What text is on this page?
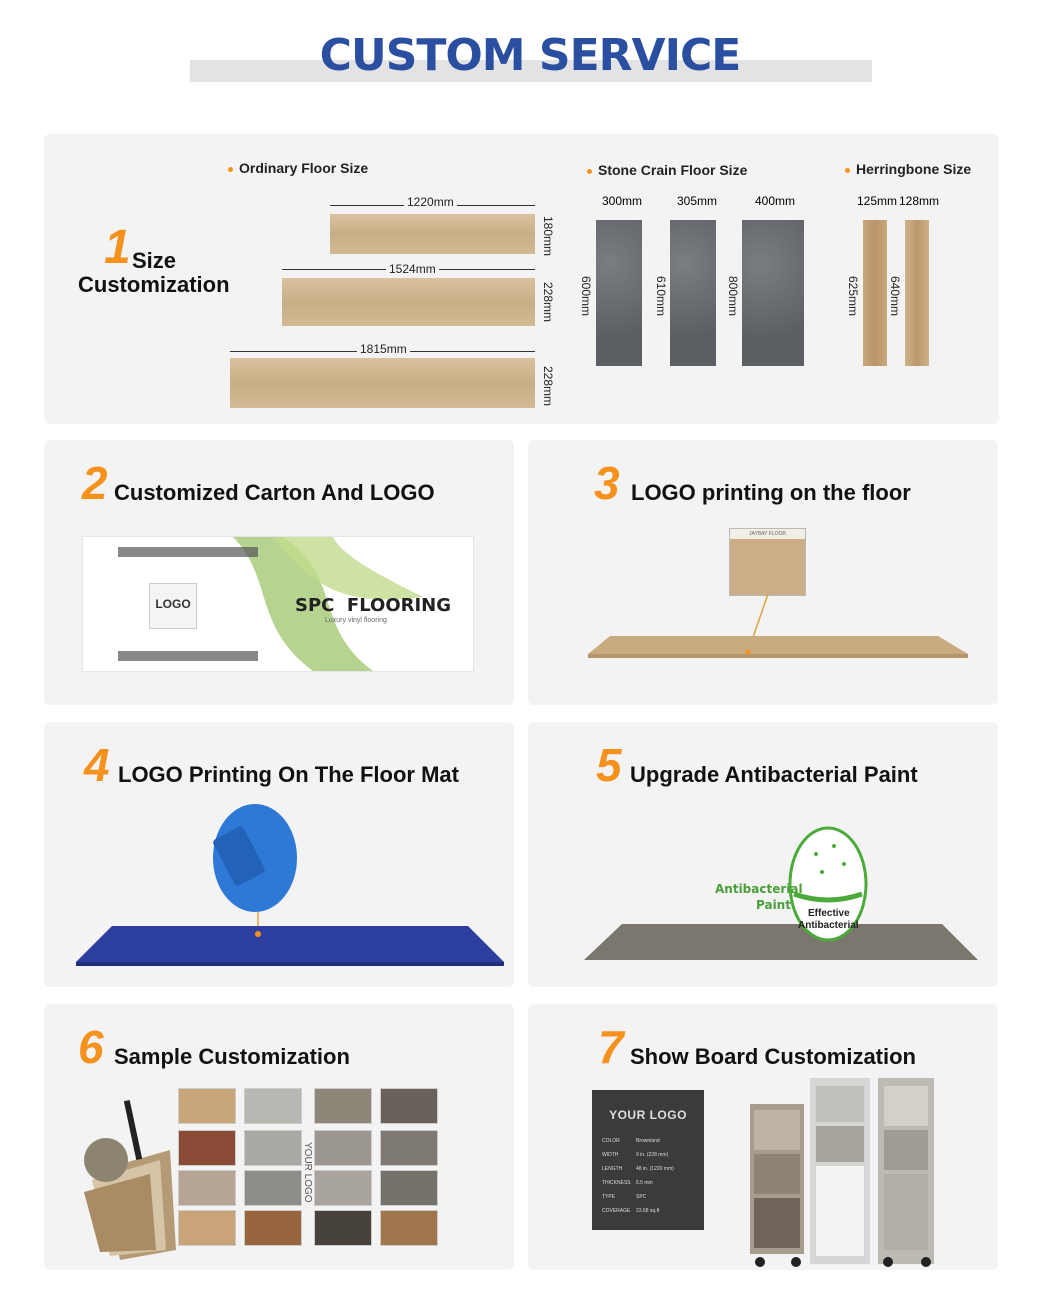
CUSTOM SERVICE
1 Size
Customization
Ordinary Floor Size
1220mm
180mm
1524mm
228mm
1815mm
228mm
Stone Crain Floor Size
300mm	305mm	400mm
600mm	610mm	800mm
Herringbone Size
125mm 128mm
625mm 640mm
2 Customized Carton And LOGO
LOGO	SPC  FLOORING
Luxury vinyl flooring
3 LOGO printing on the floor
JAYBAY FLOOR
4 LOGO Printing On The Floor Mat	5 Upgrade Antibacterial Paint
Antibacterial
Paint
Effective
Antibacterial
6 Sample Customization
YOUR LOGO
7 Show Board Customization
YOUR LOGO
COLOR	Brownland
WIDTH	9 in. (228 mm)
LENGTH	48 in. (1220 mm)
THICKNESS 5.5 mm
TYPE	SPC
COVERAGE 23.68 sq.ft
